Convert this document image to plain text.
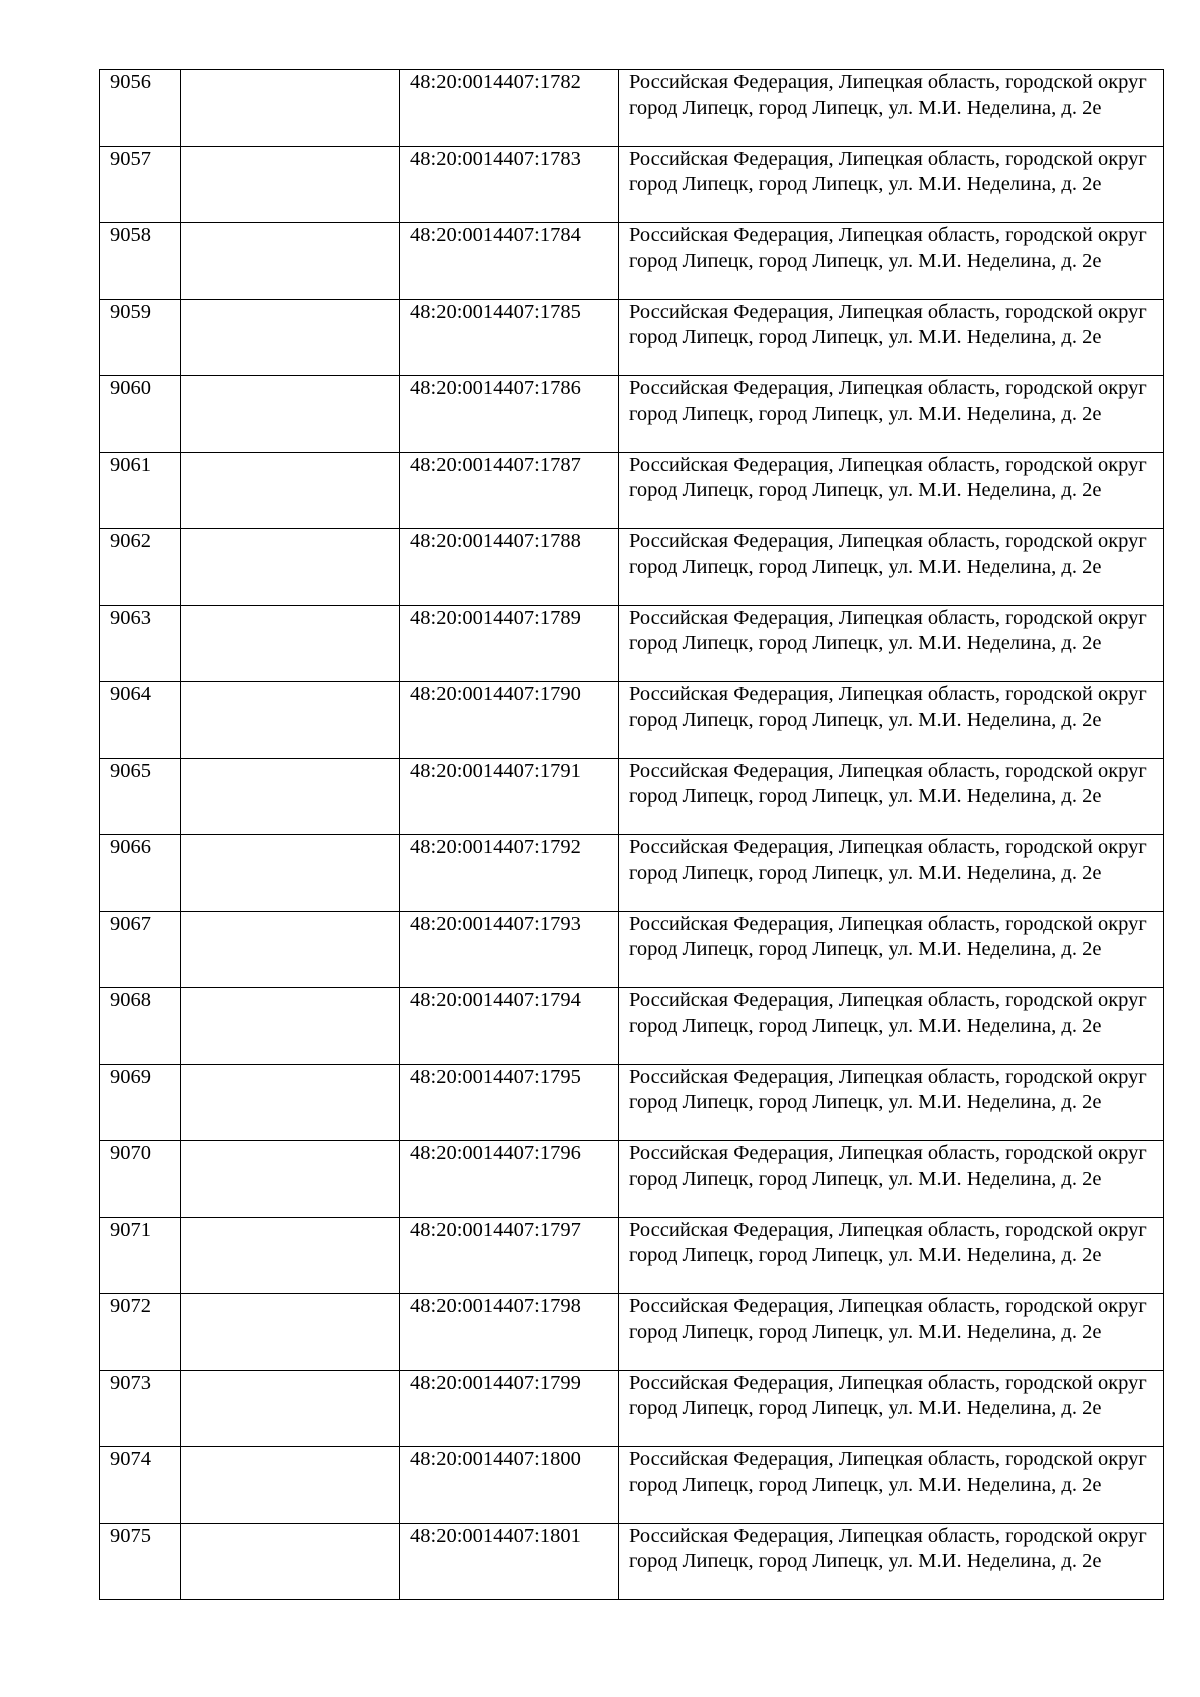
9056		48:20:0014407:1782	Российская Федерация, Липецкая область, городской округ город Липецк, город Липецк, ул. М.И. Неделина, д. 2е
9057		48:20:0014407:1783	Российская Федерация, Липецкая область, городской округ город Липецк, город Липецк, ул. М.И. Неделина, д. 2е
9058		48:20:0014407:1784	Российская Федерация, Липецкая область, городской округ город Липецк, город Липецк, ул. М.И. Неделина, д. 2е
9059		48:20:0014407:1785	Российская Федерация, Липецкая область, городской округ город Липецк, город Липецк, ул. М.И. Неделина, д. 2е
9060		48:20:0014407:1786	Российская Федерация, Липецкая область, городской округ город Липецк, город Липецк, ул. М.И. Неделина, д. 2е
9061		48:20:0014407:1787	Российская Федерация, Липецкая область, городской округ город Липецк, город Липецк, ул. М.И. Неделина, д. 2е
9062		48:20:0014407:1788	Российская Федерация, Липецкая область, городской округ город Липецк, город Липецк, ул. М.И. Неделина, д. 2е
9063		48:20:0014407:1789	Российская Федерация, Липецкая область, городской округ город Липецк, город Липецк, ул. М.И. Неделина, д. 2е
9064		48:20:0014407:1790	Российская Федерация, Липецкая область, городской округ город Липецк, город Липецк, ул. М.И. Неделина, д. 2е
9065		48:20:0014407:1791	Российская Федерация, Липецкая область, городской округ город Липецк, город Липецк, ул. М.И. Неделина, д. 2е
9066		48:20:0014407:1792	Российская Федерация, Липецкая область, городской округ город Липецк, город Липецк, ул. М.И. Неделина, д. 2е
9067		48:20:0014407:1793	Российская Федерация, Липецкая область, городской округ город Липецк, город Липецк, ул. М.И. Неделина, д. 2е
9068		48:20:0014407:1794	Российская Федерация, Липецкая область, городской округ город Липецк, город Липецк, ул. М.И. Неделина, д. 2е
9069		48:20:0014407:1795	Российская Федерация, Липецкая область, городской округ город Липецк, город Липецк, ул. М.И. Неделина, д. 2е
9070		48:20:0014407:1796	Российская Федерация, Липецкая область, городской округ город Липецк, город Липецк, ул. М.И. Неделина, д. 2е
9071		48:20:0014407:1797	Российская Федерация, Липецкая область, городской округ город Липецк, город Липецк, ул. М.И. Неделина, д. 2е
9072		48:20:0014407:1798	Российская Федерация, Липецкая область, городской округ город Липецк, город Липецк, ул. М.И. Неделина, д. 2е
9073		48:20:0014407:1799	Российская Федерация, Липецкая область, городской округ город Липецк, город Липецк, ул. М.И. Неделина, д. 2е
9074		48:20:0014407:1800	Российская Федерация, Липецкая область, городской округ город Липецк, город Липецк, ул. М.И. Неделина, д. 2е
9075		48:20:0014407:1801	Российская Федерация, Липецкая область, городской округ город Липецк, город Липецк, ул. М.И. Неделина, д. 2е
